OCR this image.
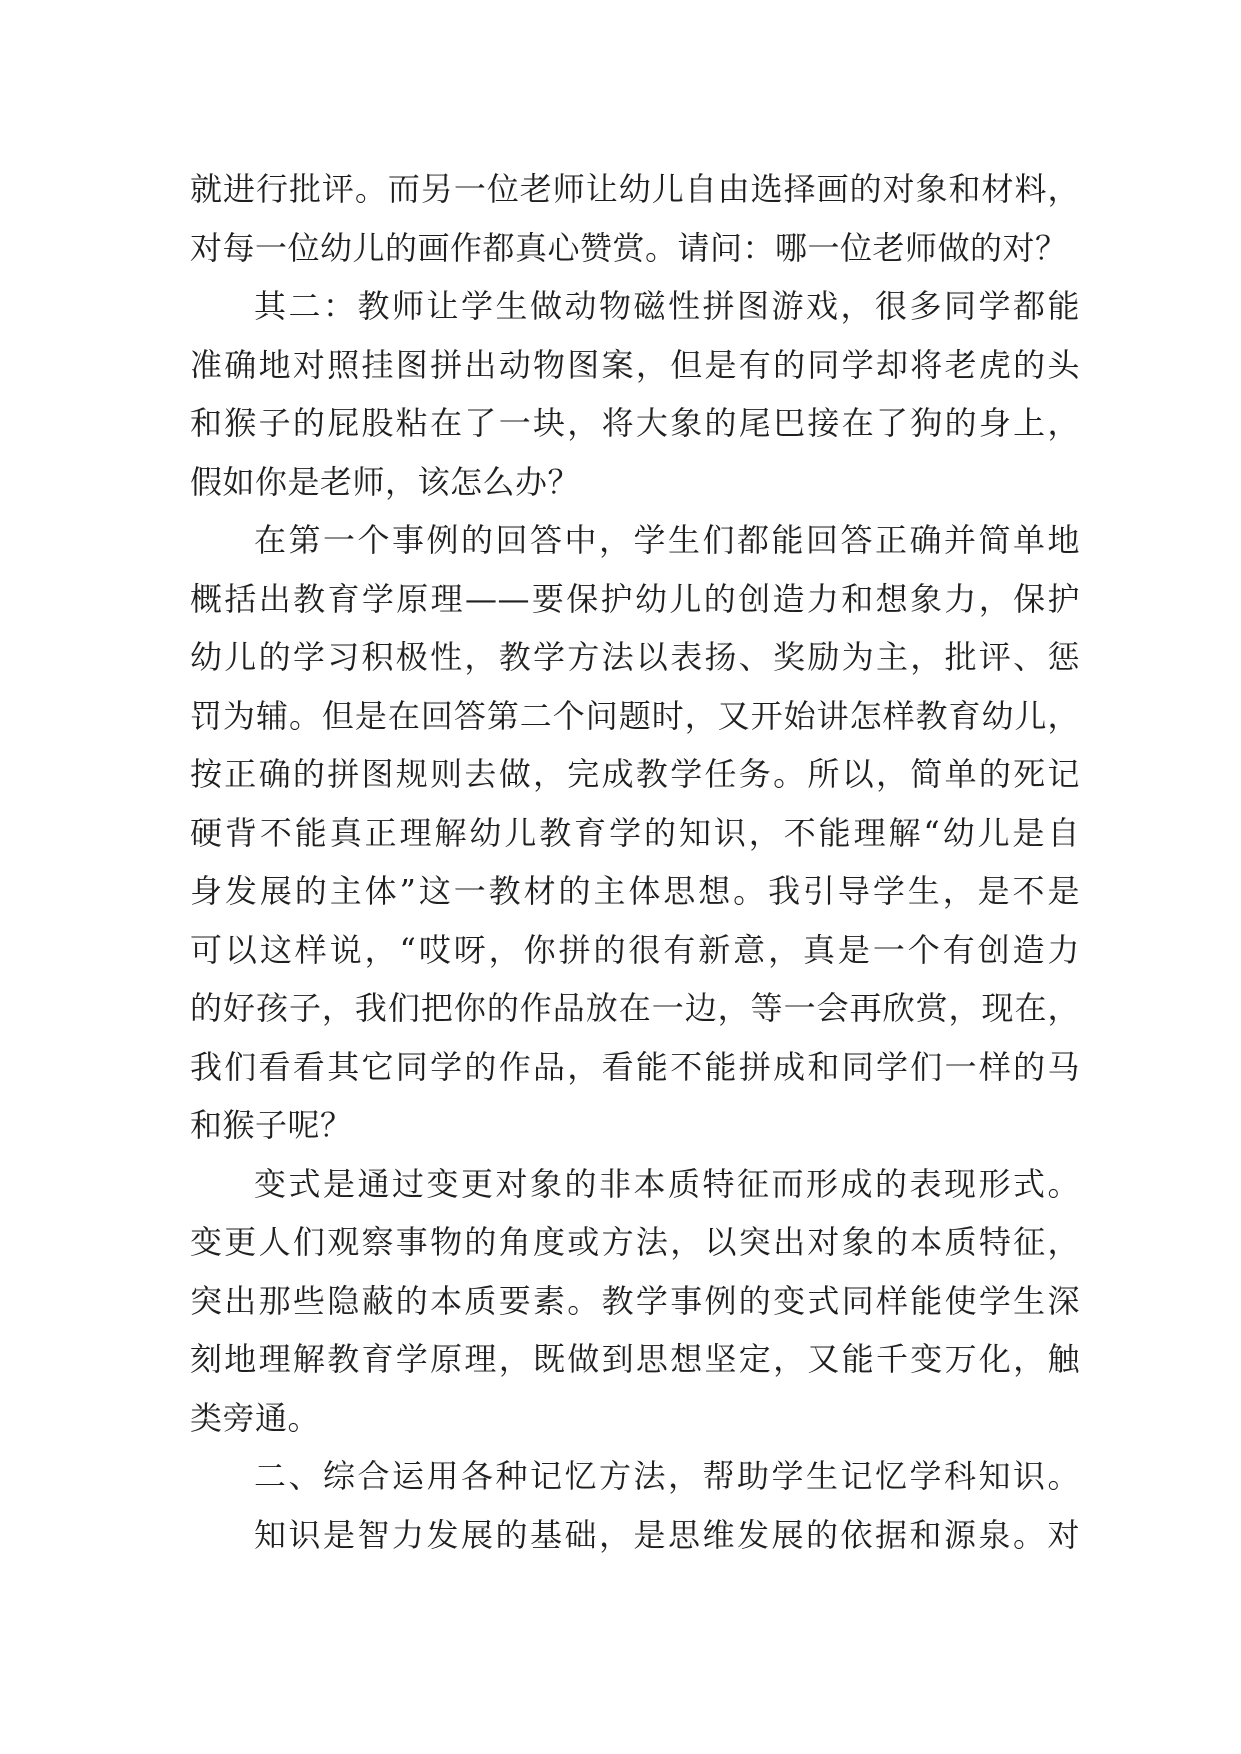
就进行批评。而另一位老师让幼儿自由选择画的对象和材料，
对每一位幼儿的画作都真心赞赏。请问：哪一位老师做的对？
其二：教师让学生做动物磁性拼图游戏，很多同学都能
准确地对照挂图拼出动物图案，但是有的同学却将老虎的头
和猴子的屁股粘在了一块，将大象的尾巴接在了狗的身上，
假如你是老师，该怎么办？
在第一个事例的回答中，学生们都能回答正确并简单地
概括出教育学原理——要保护幼儿的创造力和想象力，保护
幼儿的学习积极性，教学方法以表扬、奖励为主，批评、惩
罚为辅。但是在回答第二个问题时，又开始讲怎样教育幼儿，
按正确的拼图规则去做，完成教学任务。所以，简单的死记
硬背不能真正理解幼儿教育学的知识，不能理解“幼儿是自
身发展的主体”这一教材的主体思想。我引导学生，是不是
可以这样说，“哎呀，你拼的很有新意，真是一个有创造力
的好孩子，我们把你的作品放在一边，等一会再欣赏，现在，
我们看看其它同学的作品，看能不能拼成和同学们一样的马
和猴子呢？
变式是通过变更对象的非本质特征而形成的表现形式。
变更人们观察事物的角度或方法，以突出对象的本质特征，
突出那些隐蔽的本质要素。教学事例的变式同样能使学生深
刻地理解教育学原理，既做到思想坚定，又能千变万化，触
类旁通。
二、综合运用各种记忆方法，帮助学生记忆学科知识。
知识是智力发展的基础，是思维发展的依据和源泉。对
